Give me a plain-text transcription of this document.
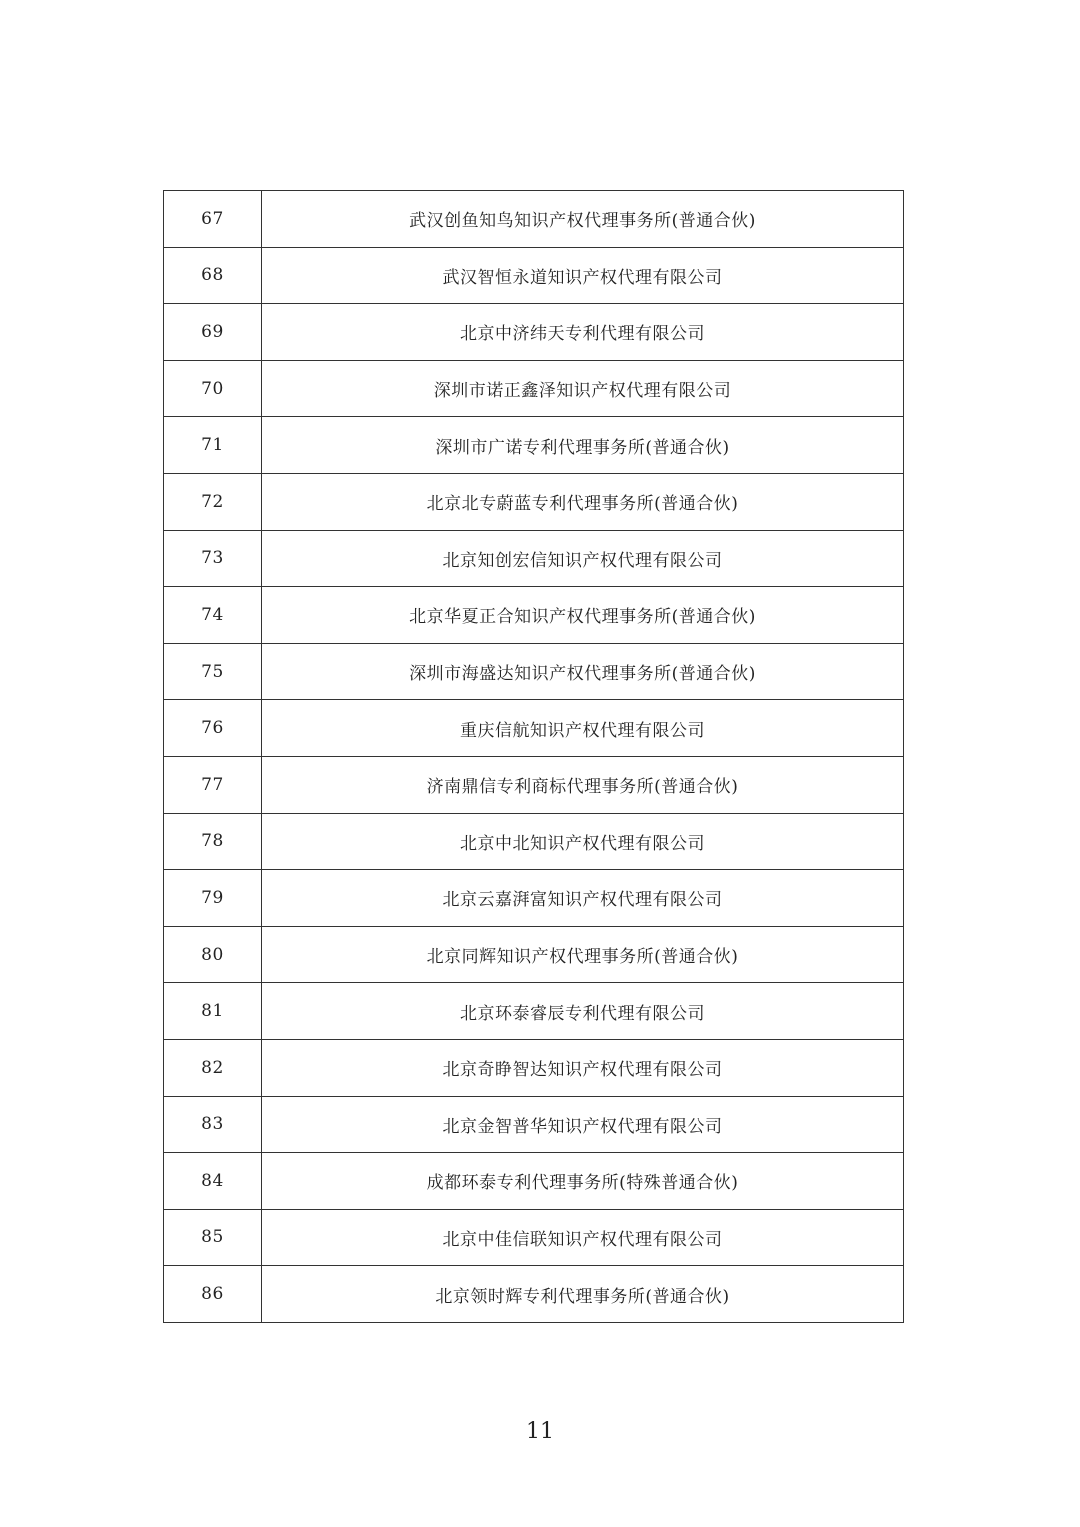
67	武汉创鱼知鸟知识产权代理事务所(普通合伙)
68	武汉智恒永道知识产权代理有限公司
69	北京中济纬天专利代理有限公司
70	深圳市诺正鑫泽知识产权代理有限公司
71	深圳市广诺专利代理事务所(普通合伙)
72	北京北专蔚蓝专利代理事务所(普通合伙)
73	北京知创宏信知识产权代理有限公司
74	北京华夏正合知识产权代理事务所(普通合伙)
75	深圳市海盛达知识产权代理事务所(普通合伙)
76	重庆信航知识产权代理有限公司
77	济南鼎信专利商标代理事务所(普通合伙)
78	北京中北知识产权代理有限公司
79	北京云嘉湃富知识产权代理有限公司
80	北京同辉知识产权代理事务所(普通合伙)
81	北京环泰睿辰专利代理有限公司
82	北京奇睁智达知识产权代理有限公司
83	北京金智普华知识产权代理有限公司
84	成都环泰专利代理事务所(特殊普通合伙)
85	北京中佳信联知识产权代理有限公司
86	北京领时辉专利代理事务所(普通合伙)
11
